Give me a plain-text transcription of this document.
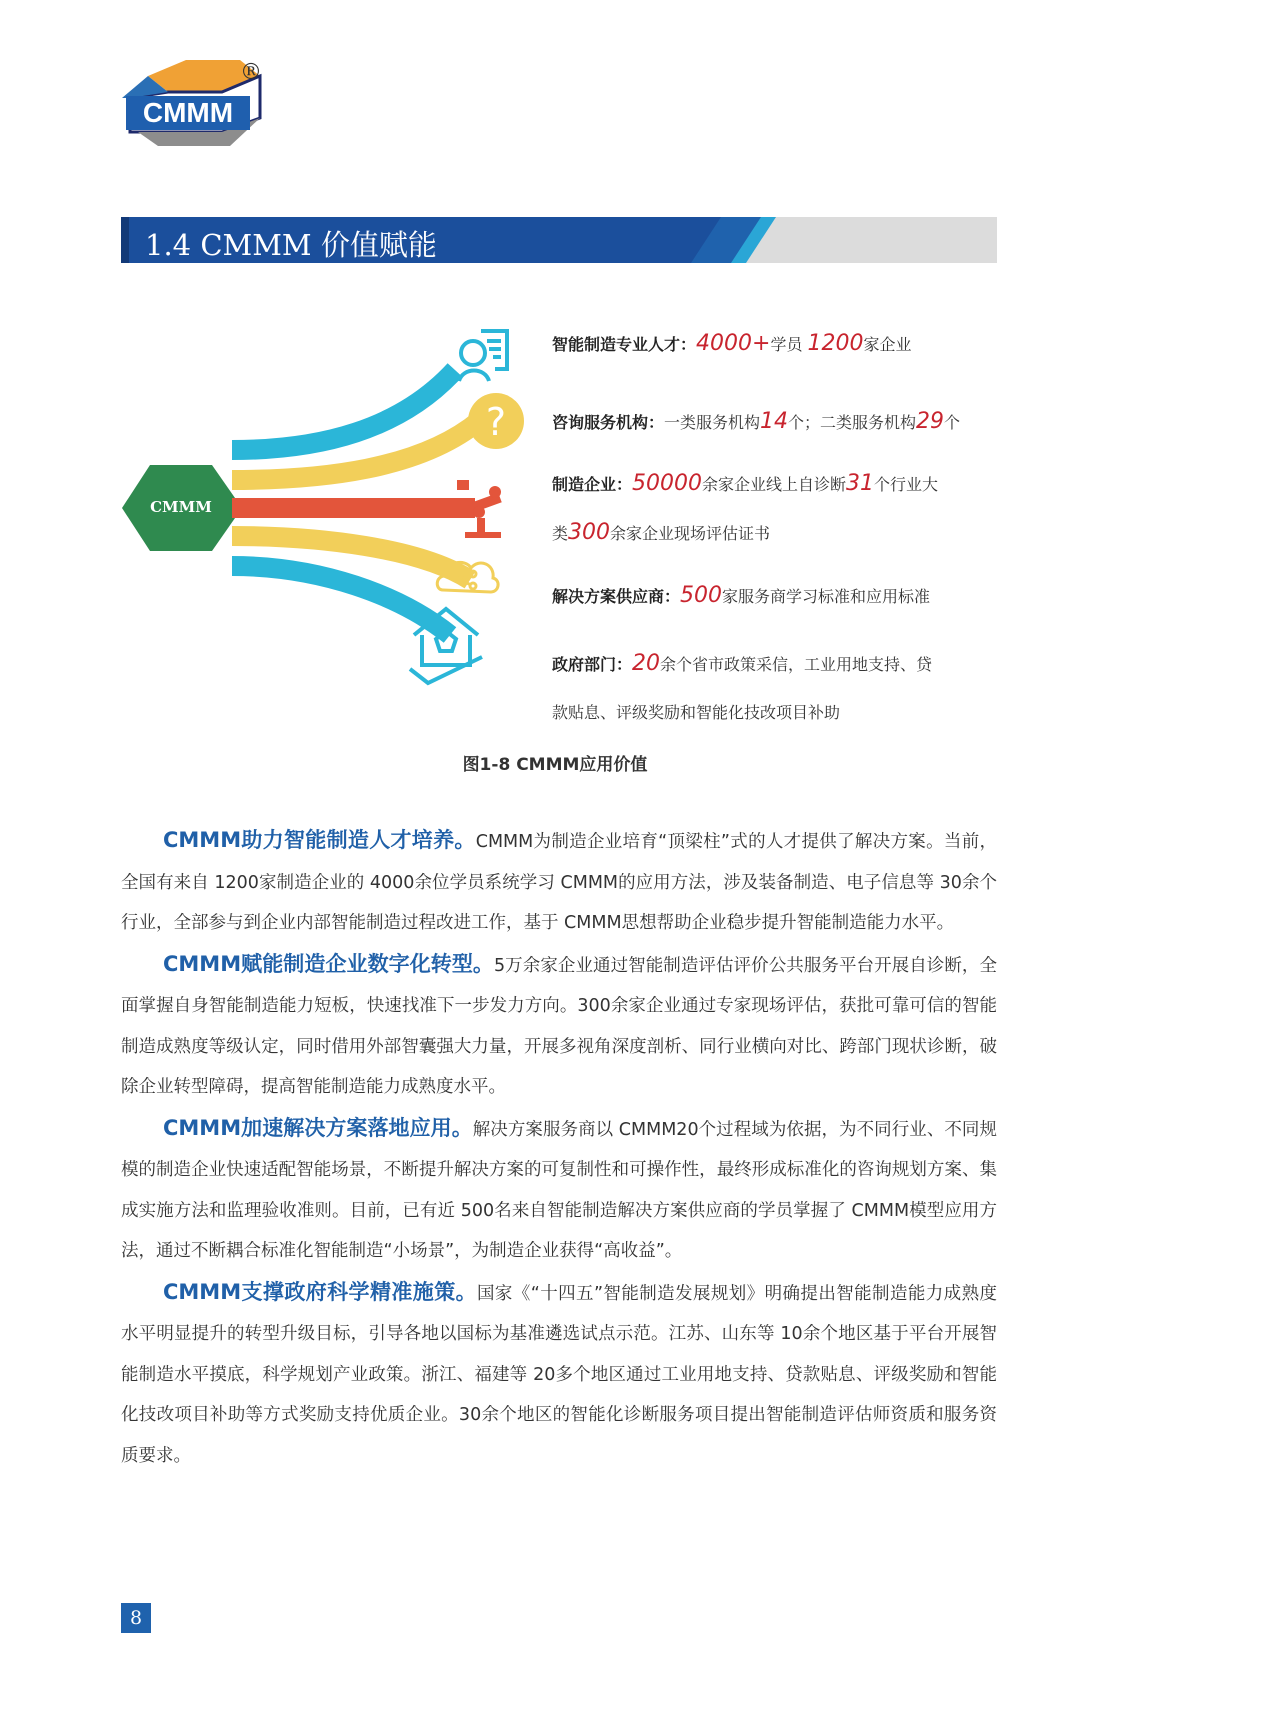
CMMM
®
1.4 CMMM 价值赋能
?
CMMM
智能制造专业人才：4000+学员 1200家企业
咨询服务机构：一类服务机构14个；二类服务机构29个
制造企业：50000余家企业线上自诊断31个行业大
类300余家企业现场评估证书
解决方案供应商：500家服务商学习标准和应用标准
政府部门：20余个省市政策采信，工业用地支持、贷
款贴息、评级奖励和智能化技改项目补助
图1-8 CMMM应用价值

CMMM助力智能制造人才培养。CMMM为制造企业培育“顶梁柱”式的人才提供了解决方案。当前，全国有来自 1200家制造企业的 4000余位学员系统学习 CMMM的应用方法，涉及装备制造、电子信息等 30余个行业，全部参与到企业内部智能制造过程改进工作，基于 CMMM思想帮助企业稳步提升智能制造能力水平。

CMMM赋能制造企业数字化转型。5万余家企业通过智能制造评估评价公共服务平台开展自诊断，全面掌握自身智能制造能力短板，快速找准下一步发力方向。300余家企业通过专家现场评估，获批可靠可信的智能制造成熟度等级认定，同时借用外部智囊强大力量，开展多视角深度剖析、同行业横向对比、跨部门现状诊断，破除企业转型障碍，提高智能制造能力成熟度水平。

CMMM加速解决方案落地应用。解决方案服务商以 CMMM20个过程域为依据，为不同行业、不同规模的制造企业快速适配智能场景，不断提升解决方案的可复制性和可操作性，最终形成标准化的咨询规划方案、集成实施方法和监理验收准则。目前，已有近 500名来自智能制造解决方案供应商的学员掌握了 CMMM模型应用方法，通过不断耦合标准化智能制造“小场景”，为制造企业获得“高收益”。

CMMM支撑政府科学精准施策。国家《“十四五”智能制造发展规划》明确提出智能制造能力成熟度水平明显提升的转型升级目标，引导各地以国标为基准遴选试点示范。江苏、山东等 10余个地区基于平台开展智能制造水平摸底，科学规划产业政策。浙江、福建等 20多个地区通过工业用地支持、贷款贴息、评级奖励和智能化技改项目补助等方式奖励支持优质企业。30余个地区的智能化诊断服务项目提出智能制造评估师资质和服务资质要求。

8
